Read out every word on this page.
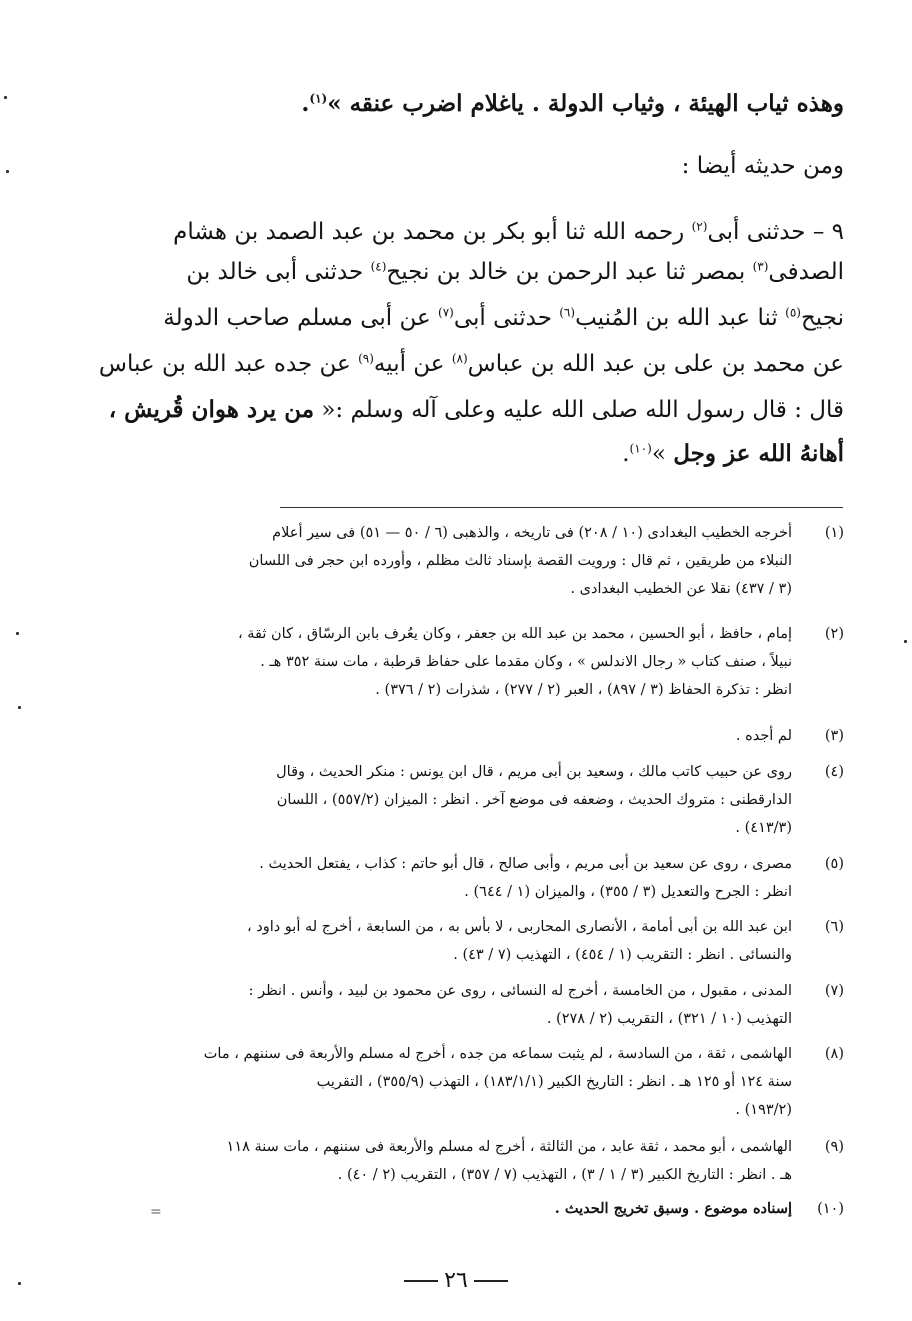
وهذه ثياب الهيئة ، وثياب الدولة . ياغلام اضرب عنقه »$^{(١)}$.
ومن حديثه أيضا :
٩ – حدثنى أبى$^{(٢)}$ رحمه الله ثنا أبو بكر بن محمد بن عبد الصمد بن هشام
الصدفى$^{(٣)}$ بمصر ثنا عبد الرحمن بن خالد بن نجيح$^{(٤)}$ حدثنى أبى خالد بن
نجيح$^{(٥)}$ ثنا عبد الله بن المُنيب$^{(٦)}$ حدثنى أبى$^{(٧)}$ عن أبى مسلم صاحب الدولة
عن محمد بن على بن عبد الله بن عباس$^{(٨)}$ عن أبيه$^{(٩)}$ عن جده عبد الله بن عباس
قال : قال رسول الله صلى الله عليه وعلى آله وسلم :« من يرد هوان قُريش ،
أهانهُ الله عز وجل »$^{(١٠)}$.
(١)
أخرجه الخطيب البغدادى (١٠ / ٢٠٨) فى تاريخه ، والذهبى (٦ / ٥٠ — ٥١) فى سير أعلام
النبلاء من طريقين ، ثم قال : ورويت القصة بإسناد ثالث مظلم ، وأورده ابن حجر فى اللسان
(٣ / ٤٣٧) نقلا عن الخطيب البغدادى .
(٢)
إمام ، حافظ ، أبو الحسين ، محمد بن عبد الله بن جعفر ، وكان يعُرف بابن الرسّاق ، كان ثقة ،
نبيلاً ، صنف كتاب « رجال الاندلس » ، وكان مقدما على حفاظ قرطبة ، مات سنة ٣٥٢ هـ .
انظر : تذكرة الحفاظ (٣ / ٨٩٧) ، العبر (٢ / ٢٧٧) ، شذرات (٢ / ٣٧٦) .
(٣)
لم أجده .
(٤)
روى عن حبيب كاتب مالك ، وسعيد بن أبى مريم ، قال ابن يونس : منكر الحديث ، وقال
الدارقطنى : متروك الحديث ، وضعفه فى موضع آخر . انظر : الميزان (٥٥٧/٢) ، اللسان
(٤١٣/٣) .
(٥)
مصرى ، روى عن سعيد بن أبى مريم ، وأبى صالح ، قال أبو حاتم : كذاب ، يفتعل الحديث .
انظر : الجرح والتعديل (٣ / ٣٥٥) ، والميزان (١ / ٦٤٤) .
(٦)
ابن عبد الله بن أبى أمامة ، الأنصارى المحاربى ، لا بأس به ، من السابعة ، أخرج له أبو داود ،
والنسائى . انظر : التقريب (١ / ٤٥٤) ، التهذيب (٧ / ٤٣) .
(٧)
المدنى ، مقبول ، من الخامسة ، أخرج له النسائى ، روى عن محمود بن لبيد ، وأنس . انظر :
التهذيب (١٠ / ٣٢١) ، التقريب (٢ / ٢٧٨) .
(٨)
الهاشمى ، ثقة ، من السادسة ، لم يثبت سماعه من جده ، أخرج له مسلم والأربعة فى سننهم ، مات
سنة ١٢٤ أو ١٢٥ هـ . انظر : التاريخ الكبير (١٨٣/١/١) ، التهذب (٣٥٥/٩) ، التقريب
(١٩٣/٢) .
(٩)
الهاشمى ، أبو محمد ، ثقة عابد ، من الثالثة ، أخرج له مسلم والأربعة فى سننهم ، مات سنة ١١٨
هـ . انظر : التاريخ الكبير (٣ / ١ / ٣) ، التهذيب (٧ / ٣٥٧) ، التقريب (٢ / ٤٠) .
(١٠)
إسناده موضوع . وسبق تخريج الحديث .
=
٢٦
